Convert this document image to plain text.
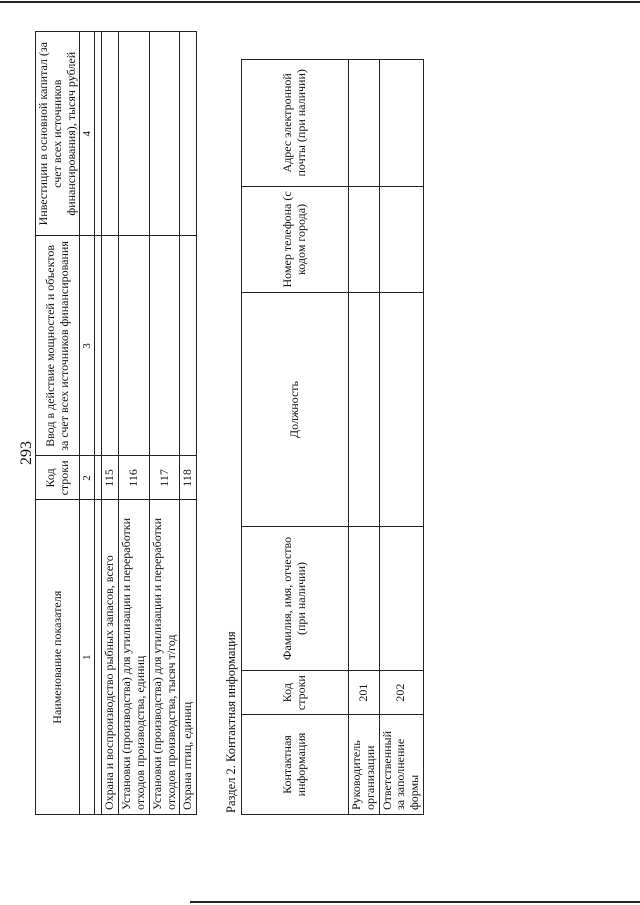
293
Наименование показателя	Код строки	Ввод в действие мощностей и объектов за счет всех источников финансирования	Инвестиции в основной капитал (за счет всех источников финансирования), тысяч рублей
1	2	3	4

Охрана и воспроизводство рыбных запасов, всего	115		
Установки (производства) для утилизации и переработки отходов производства, единиц	116		
Установки (производства) для утилизации и переработки отходов производства, тысяч т/год	117		
Охрана птиц, единиц	118		
Раздел 2. Контактная информация	Контактная информация	Код строки	Фамилия, имя, отчество (при наличии)	Должность	Номер телефона (с кодом города)	Адрес электронной почты (при наличии)
Руководитель организации	201				
Ответственный за заполнение формы	202				
